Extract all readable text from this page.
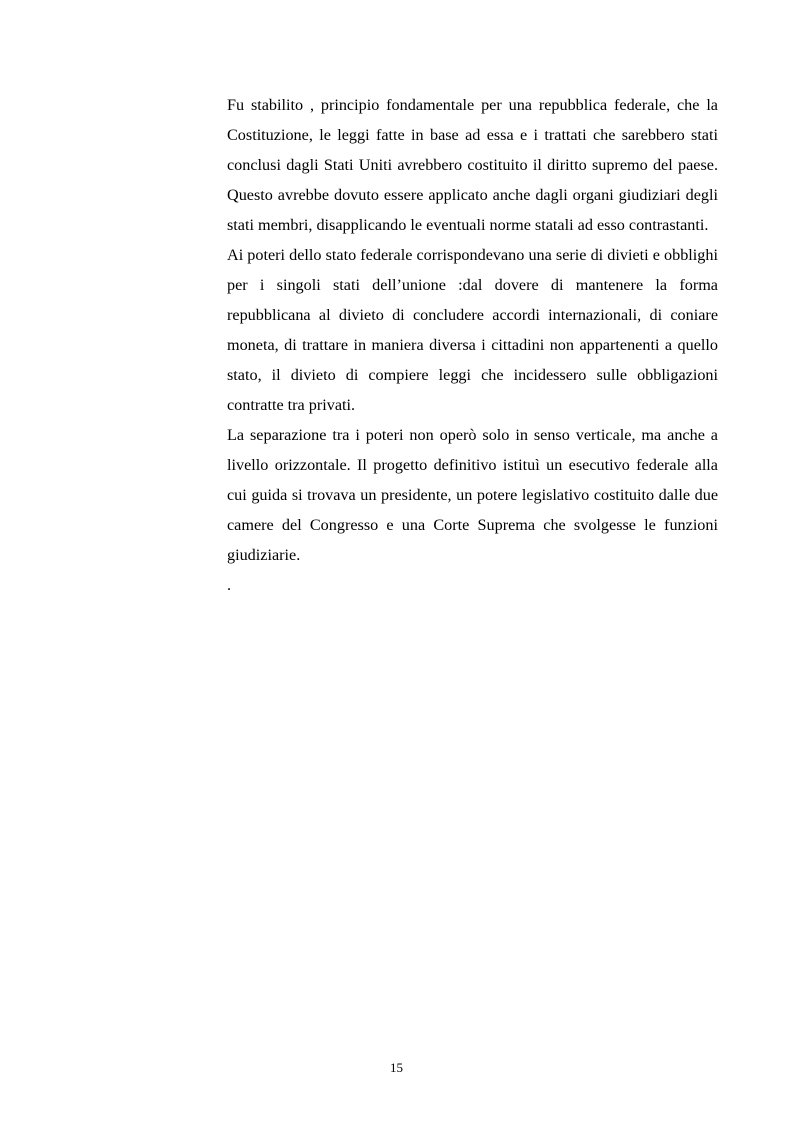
Fu stabilito , principio fondamentale per una repubblica federale, che la Costituzione, le leggi fatte in base ad essa e i trattati che sarebbero stati conclusi dagli Stati Uniti avrebbero costituito il diritto supremo del paese. Questo avrebbe dovuto essere applicato anche dagli organi giudiziari degli stati membri, disapplicando le eventuali norme statali ad esso contrastanti.

Ai poteri dello stato federale corrispondevano una serie di divieti e obblighi per i singoli stati dell’unione :dal dovere di mantenere la forma repubblicana al divieto di concludere accordi internazionali, di coniare moneta, di trattare in maniera diversa i cittadini non appartenenti a quello stato, il divieto di compiere leggi che incidessero sulle obbligazioni contratte tra privati.

La separazione tra i poteri non operò solo in senso verticale, ma anche a livello orizzontale. Il progetto definitivo istituì un esecutivo federale alla cui guida si trovava un presidente, un potere legislativo costituito dalle due camere del Congresso e una Corte Suprema che svolgesse le funzioni giudiziarie.

.

15
